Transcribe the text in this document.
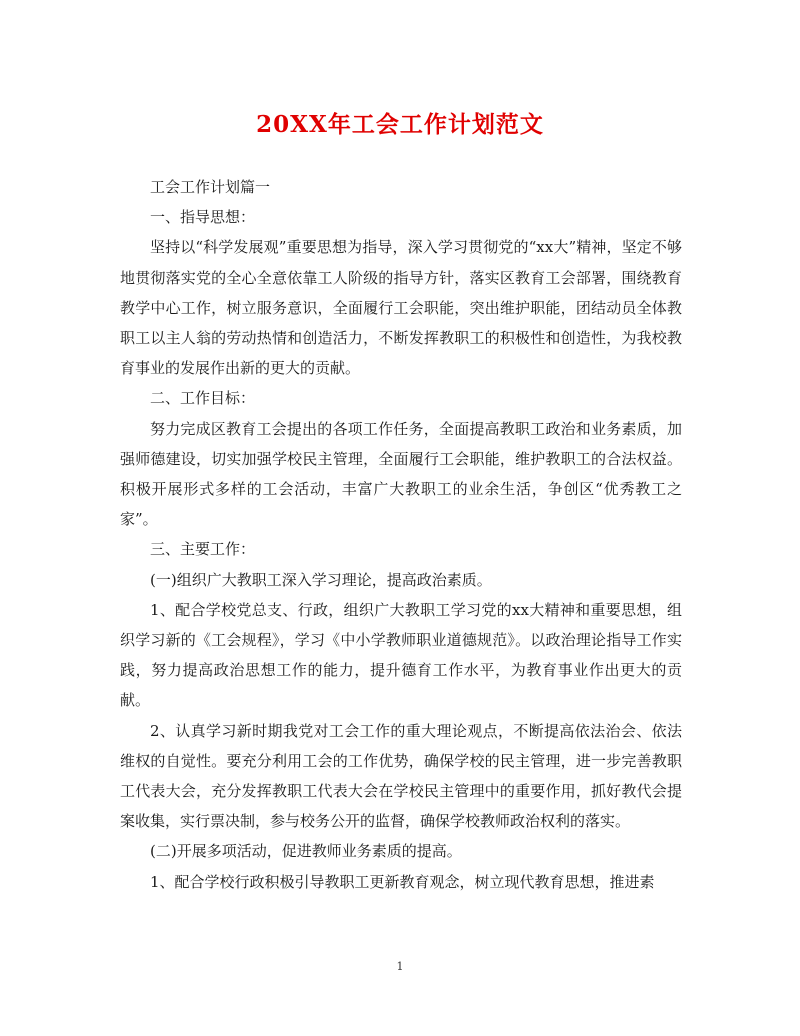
20XX年工会工作计划范文

工会工作计划篇一

一、指导思想：

坚持以“科学发展观”重要思想为指导，深入学习贯彻党的“xx大”精神，坚定不够地贯彻落实党的全心全意依靠工人阶级的指导方针，落实区教育工会部署，围绕教育教学中心工作，树立服务意识，全面履行工会职能，突出维护职能，团结动员全体教职工以主人翁的劳动热情和创造活力，不断发挥教职工的积极性和创造性，为我校教育事业的发展作出新的更大的贡献。

二、工作目标：

努力完成区教育工会提出的各项工作任务，全面提高教职工政治和业务素质，加强师德建设，切实加强学校民主管理，全面履行工会职能，维护教职工的合法权益。积极开展形式多样的工会活动，丰富广大教职工的业余生活，争创区“优秀教工之家”。

三、主要工作：

(一)组织广大教职工深入学习理论，提高政治素质。

1、配合学校党总支、行政，组织广大教职工学习党的xx大精神和重要思想，组织学习新的《工会规程》，学习《中小学教师职业道德规范》。以政治理论指导工作实践，努力提高政治思想工作的能力，提升德育工作水平，为教育事业作出更大的贡献。

2、认真学习新时期我党对工会工作的重大理论观点，不断提高依法治会、依法维权的自觉性。要充分利用工会的工作优势，确保学校的民主管理，进一步完善教职工代表大会，充分发挥教职工代表大会在学校民主管理中的重要作用，抓好教代会提案收集，实行票决制，参与校务公开的监督，确保学校教师政治权利的落实。

(二)开展多项活动，促进教师业务素质的提高。

1、配合学校行政积极引导教职工更新教育观念，树立现代教育思想，推进素

1
